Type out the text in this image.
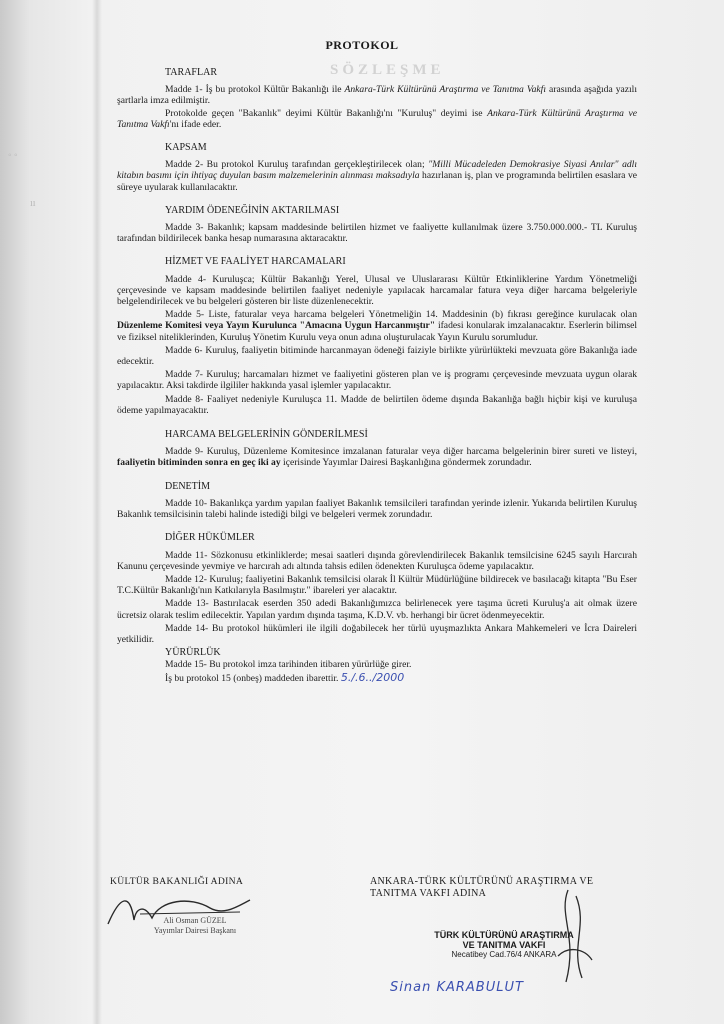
SÖZLEŞME
◦ ◦
ıı
PROTOKOL
TARAFLAR
Madde 1- İş bu protokol Kültür Bakanlığı ile Ankara-Türk Kültürünü Araştırma ve Tanıtma Vakfı arasında aşağıda yazılı şartlarla imza edilmiştir.
Protokolde geçen "Bakanlık" deyimi Kültür Bakanlığı'nı "Kuruluş" deyimi ise Ankara-Türk Kültürünü Araştırma ve Tanıtma Vakfı'nı ifade eder.
KAPSAM
Madde 2- Bu protokol Kuruluş tarafından gerçekleştirilecek olan; "Milli Mücadeleden Demokrasiye Siyasi Anılar" adlı kitabın basımı için ihtiyaç duyulan basım malzemelerinin alınması maksadıyla hazırlanan iş, plan ve programında belirtilen esaslara ve süreye uyularak kullanılacaktır.
YARDIM ÖDENEĞİNİN AKTARILMASI
Madde 3- Bakanlık; kapsam maddesinde belirtilen hizmet ve faaliyette kullanılmak üzere 3.750.000.000.- TL Kuruluş tarafından bildirilecek banka hesap numarasına aktaracaktır.
HİZMET VE FAALİYET HARCAMALARI
Madde 4- Kuruluşca; Kültür Bakanlığı Yerel, Ulusal ve Uluslararası Kültür Etkinliklerine Yardım Yönetmeliği çerçevesinde ve kapsam maddesinde belirtilen faaliyet nedeniyle yapılacak harcamalar fatura veya diğer harcama belgeleriyle belgelendirilecek ve bu belgeleri gösteren bir liste düzenlenecektir.
Madde 5- Liste, faturalar veya harcama belgeleri Yönetmeliğin 14. Maddesinin (b) fıkrası gereğince kurulacak olan Düzenleme Komitesi veya Yayın Kurulunca "Amacına Uygun Harcanmıştır" ifadesi konularak imzalanacaktır. Eserlerin bilimsel ve fiziksel niteliklerinden, Kuruluş Yönetim Kurulu veya onun adına oluşturulacak Yayın Kurulu sorumludur.
Madde 6- Kuruluş, faaliyetin bitiminde harcanmayan ödeneği faiziyle birlikte yürürlükteki mevzuata göre Bakanlığa iade edecektir.
Madde 7- Kuruluş; harcamaları hizmet ve faaliyetini gösteren plan ve iş programı çerçevesinde mevzuata uygun olarak yapılacaktır. Aksi takdirde ilgililer hakkında yasal işlemler yapılacaktır.
Madde 8- Faaliyet nedeniyle Kuruluşca 11. Madde de belirtilen ödeme dışında Bakanlığa bağlı hiçbir kişi ve kuruluşa ödeme yapılmayacaktır.
HARCAMA BELGELERİNİN GÖNDERİLMESİ
Madde 9- Kuruluş, Düzenleme Komitesince imzalanan faturalar veya diğer harcama belgelerinin birer sureti ve listeyi, faaliyetin bitiminden sonra en geç iki ay içerisinde Yayımlar Dairesi Başkanlığına göndermek zorundadır.
DENETİM
Madde 10- Bakanlıkça yardım yapılan faaliyet Bakanlık temsilcileri tarafından yerinde izlenir. Yukarıda belirtilen Kuruluş Bakanlık temsilcisinin talebi halinde istediği bilgi ve belgeleri vermek zorundadır.
DİĞER HÜKÜMLER
Madde 11- Sözkonusu etkinliklerde; mesai saatleri dışında görevlendirilecek Bakanlık temsilcisine 6245 sayılı Harcırah Kanunu çerçevesinde yevmiye ve harcırah adı altında tahsis edilen ödenekten Kuruluşca ödeme yapılacaktır.
Madde 12- Kuruluş; faaliyetini Bakanlık temsilcisi olarak İl Kültür Müdürlüğüne bildirecek ve basılacağı kitapta "Bu Eser T.C.Kültür Bakanlığı'nın Katkılarıyla Basılmıştır." ibareleri yer alacaktır.
Madde 13- Bastırılacak eserden 350 adedi Bakanlığımızca belirlenecek yere taşıma ücreti Kuruluş'a ait olmak üzere ücretsiz olarak teslim edilecektir. Yapılan yardım dışında taşıma, K.D.V. vb. herhangi bir ücret ödenmeyecektir.
Madde 14- Bu protokol hükümleri ile ilgili doğabilecek her türlü uyuşmazlıkta Ankara Mahkemeleri ve İcra Daireleri yetkilidir.
YÜRÜRLÜK
Madde 15- Bu protokol imza tarihinden itibaren yürürlüğe girer.
İş bu protokol 15 (onbeş) maddeden ibarettir. 5./.6../2000
KÜLTÜR BAKANLIĞI ADINA	ANKARA-TÜRK KÜLTÜRÜNÜ ARAŞTIRMA VE
TANITMA VAKFI ADINA
Ali Osman GÜZEL
Yayımlar Dairesi Başkanı	TÜRK KÜLTÜRÜNÜ ARAŞTIRMA
VE TANITMA VAKFI
Necatibey Cad.76/4 ANKARA
Sinan KARABULUT
